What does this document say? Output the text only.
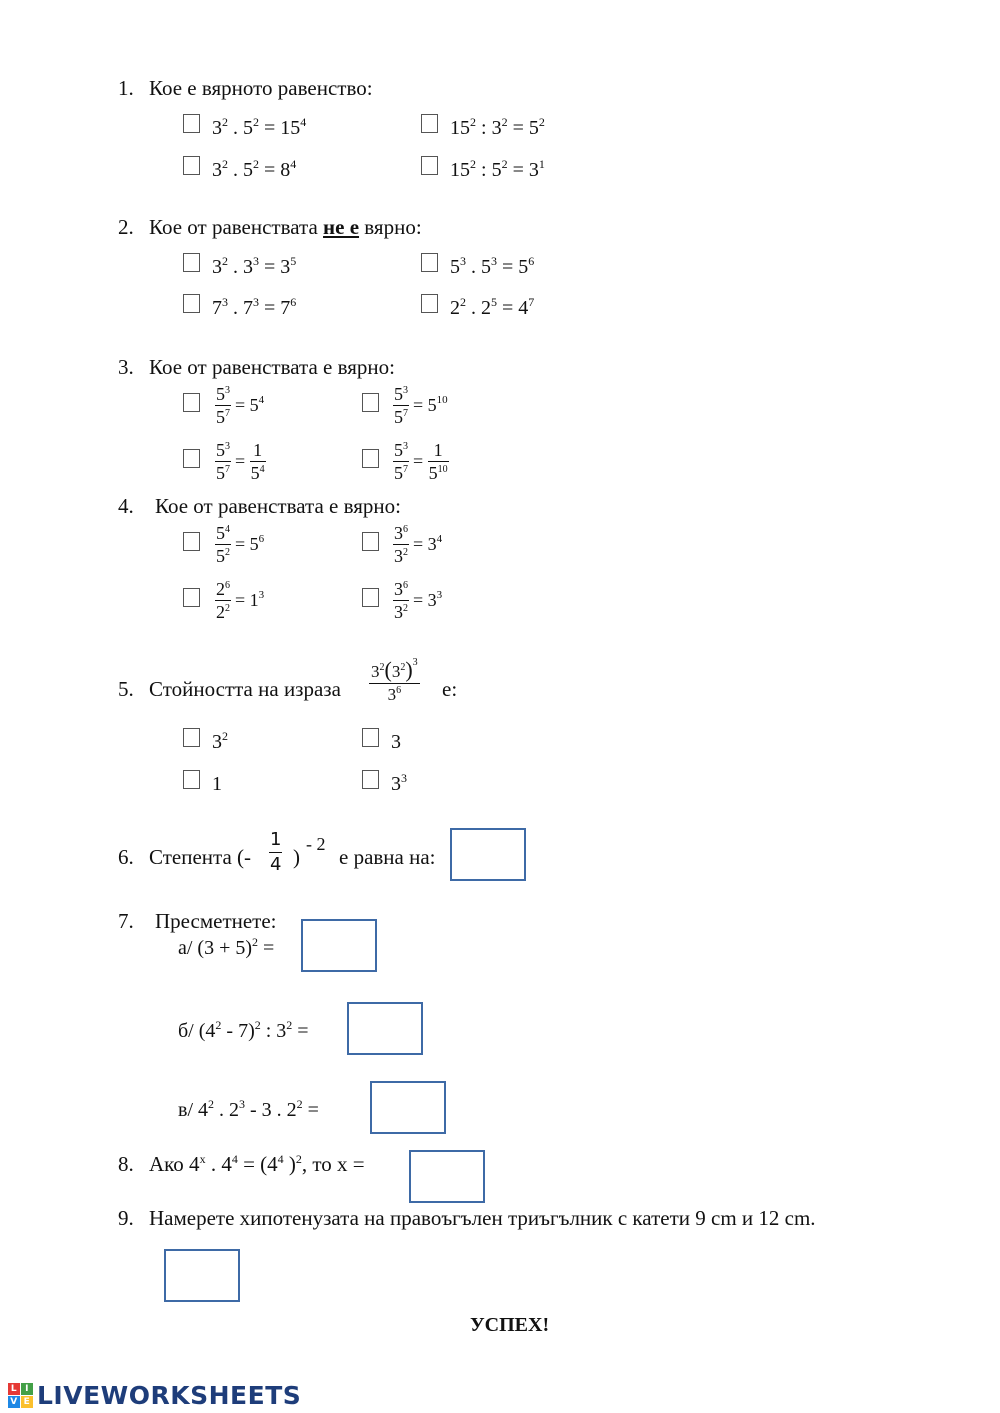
1. Кое е вярното равенство:
$3^2$ . $5^2 = 15^4$	$15^2$ : $3^2 = 5^2$
$3^2$ . $5^2 = 8^4$	$15^2$ : $5^2 = 3^1$
2. Кое от равенствата не е вярно:
$3^2$ . $3^3 = 3^5$	$5^3$ . $5^3 = 5^6$
$7^3$ . $7^3 = 7^6$	$2^2$ . $2^5 = 4^7$
3. Кое от равенствата е вярно:
$\frac{5^3}{5^7} = 5^4$	$\frac{5^3}{5^7} = 5^{10}$
$\frac{5^3}{5^7} = \frac{1}{5^4}$	$\frac{5^3}{5^7} = \frac{1}{5^{10}}$
4. Кое от равенствата е вярно:
$\frac{5^4}{5^2} = 5^6$	$\frac{3^6}{3^2} = 3^4$
$\frac{2^6}{2^2} = 1^3$	$\frac{3^6}{3^2} = 3^3$
5. Стойността на израза $\frac{3^2(3^2)^3}{3^6} е$:
$3^2$	3
1	$3^3$
6. Степента (- $\frac{1}{4}$ )
- 2
е равна на:
7. Пресметнете:
а/ $(3 + 5)^2$ =
б/ $(4^2 - 7)^2$ : $3^2$ =
в/ $4^2$ . $2^3 - 3$ . $2^2$ =
8. Ако 4$^x$ . $4^4 = (4^4$ )$^2$, то x =
9. Намерете хипотенузата на правоъгълен триъгълник с катети 9 cm и 12 cm.
УСПЕХ!
L I
V E LIVEWORKSHEETS
